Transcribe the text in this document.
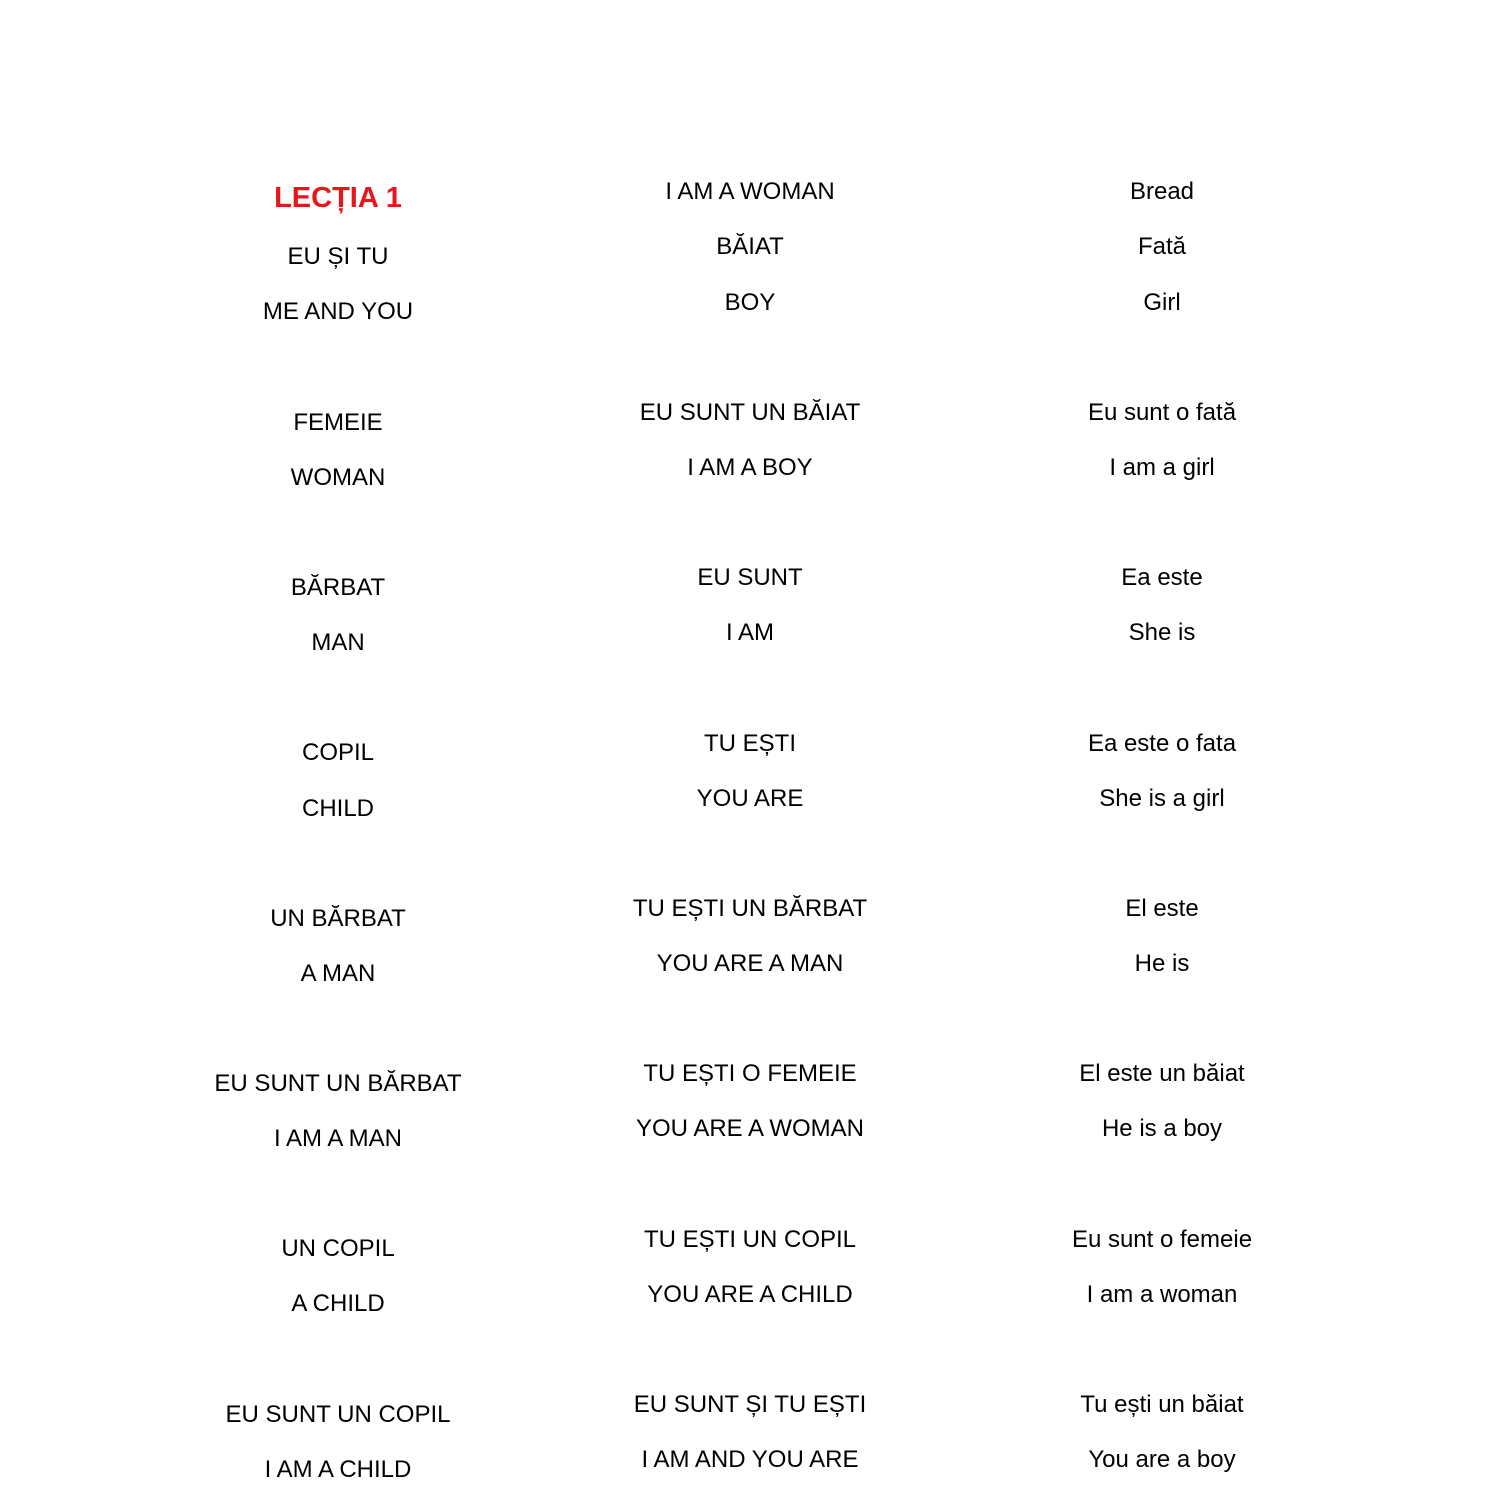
LECȚIA 1
EU ȘI TU
ME AND YOU
FEMEIE
WOMAN
BĂRBAT
MAN
COPIL
CHILD
UN BĂRBAT
A MAN
EU SUNT UN BĂRBAT
I AM A MAN
UN COPIL
A CHILD
EU SUNT UN COPIL
I AM A CHILD
I AM A WOMAN
BĂIAT
BOY
EU SUNT UN BĂIAT
I AM A BOY
EU SUNT
I AM
TU EȘTI
YOU ARE
TU EȘTI UN BĂRBAT
YOU ARE A MAN
TU EȘTI O FEMEIE
YOU ARE A WOMAN
TU EȘTI UN COPIL
YOU ARE A CHILD
EU SUNT ȘI TU EȘTI
I AM AND YOU ARE
Bread
Fată
Girl
Eu sunt o fată
I am a girl
Ea este
She is
Ea este o fata
She is a girl
El este
He is
El este un băiat
He is a boy
Eu sunt o femeie
I am a woman
Tu ești un băiat
You are a boy
